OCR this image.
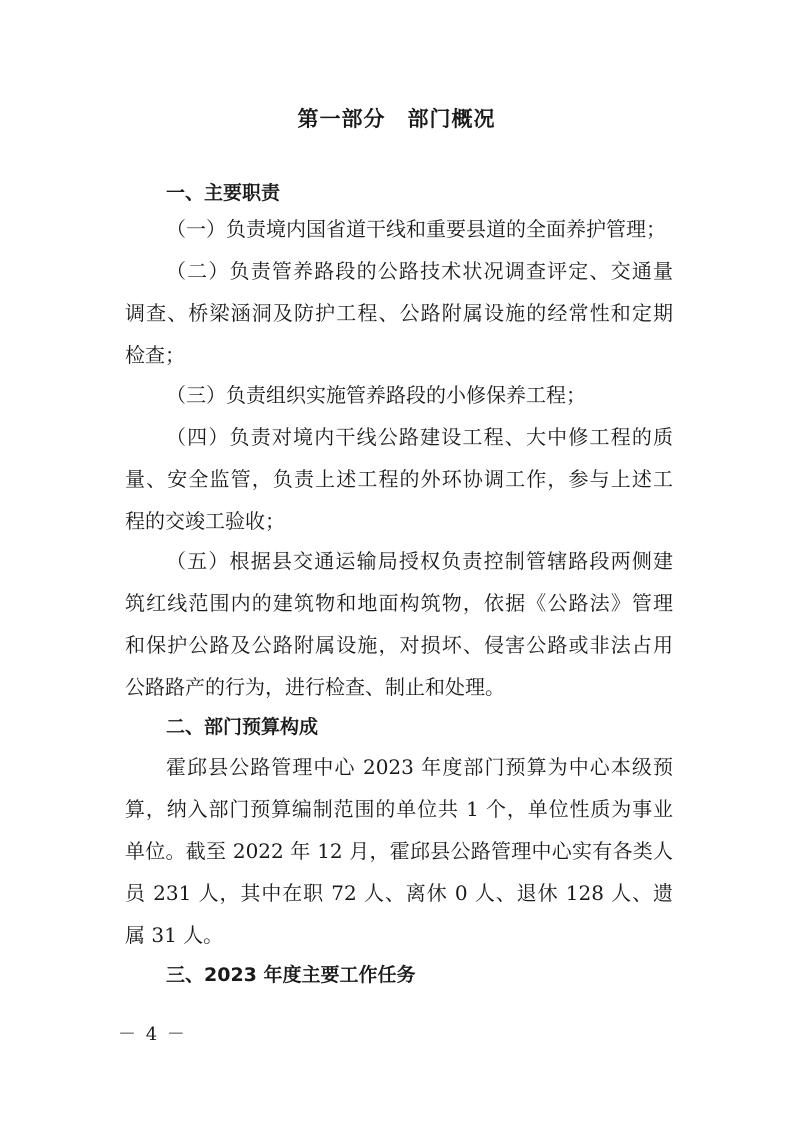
第一部分　部门概况
一、主要职责
（一）负责境内国省道干线和重要县道的全面养护管理；
（二）负责管养路段的公路技术状况调查评定、交通量
调查、桥梁涵洞及防护工程、公路附属设施的经常性和定期
检查；
（三）负责组织实施管养路段的小修保养工程；
（四）负责对境内干线公路建设工程、大中修工程的质
量、安全监管，负责上述工程的外环协调工作，参与上述工
程的交竣工验收；
（五）根据县交通运输局授权负责控制管辖路段两侧建
筑红线范围内的建筑物和地面构筑物，依据《公路法》管理
和保护公路及公路附属设施，对损坏、侵害公路或非法占用
公路路产的行为，进行检查、制止和处理。
二、部门预算构成
霍邱县公路管理中心 2023 年度部门预算为中心本级预
算，纳入部门预算编制范围的单位共 1 个，单位性质为事业
单位。截至 2022 年 12 月，霍邱县公路管理中心实有各类人
员 231 人，其中在职 72 人、离休 0 人、退休 128 人、遗
属 31 人。
三、2023 年度主要工作任务
－ 4 －
